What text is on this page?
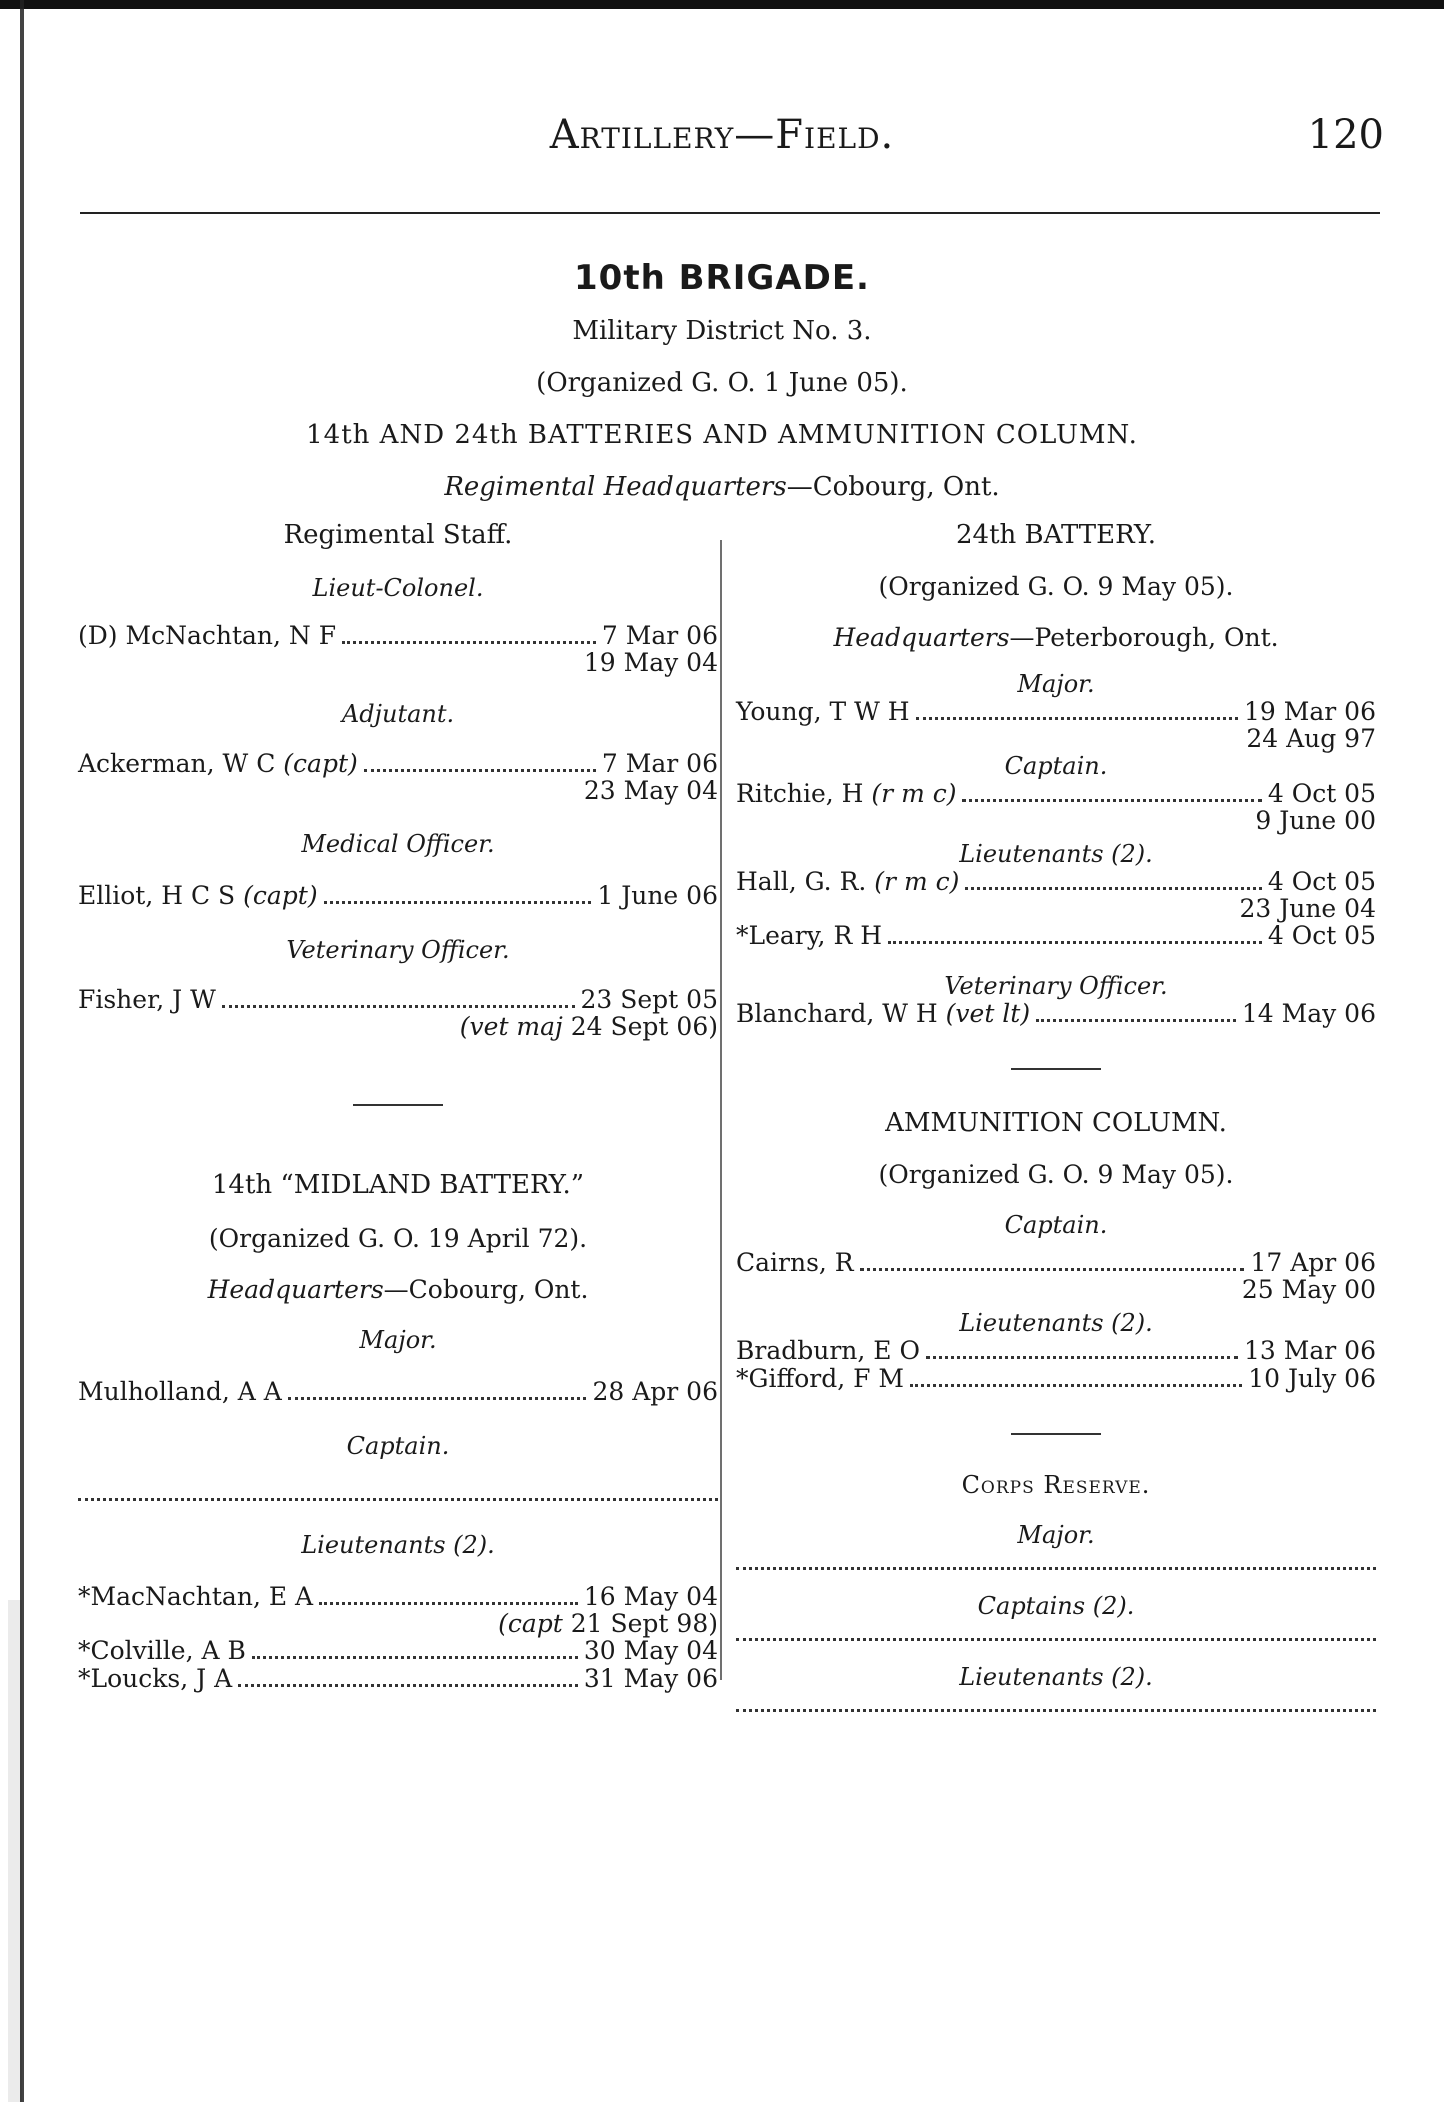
Artillery—Field.	120
10th BRIGADE.
Military District No. 3.
(Organized G. O. 1 June 05).
14th AND 24th BATTERIES AND AMMUNITION COLUMN.
Regimental Headquarters—Cobourg, Ont.

Regimental Staff.

Lieut-Colonel.

(D) McNachtan, N F	7 Mar 06
19 May 04

Adjutant.

Ackerman, W C (capt)	7 Mar 06
23 May 04

Medical Officer.

Elliot, H C S (capt)	1 June 06

Veterinary Officer.

Fisher, J W	23 Sept 05
(vet maj 24 Sept 06)

14th “MIDLAND BATTERY.”

(Organized G. O. 19 April 72).

Headquarters—Cobourg, Ont.

Major.

Mulholland, A A	28 Apr 06

Captain.

Lieutenants (2).

*MacNachtan, E A	16 May 04
(capt 21 Sept 98)
*Colville, A B	30 May 04
*Loucks, J A	31 May 06

24th BATTERY.

(Organized G. O. 9 May 05).

Headquarters—Peterborough, Ont.

Major.

Young, T W H	19 Mar 06
24 Aug 97

Captain.

Ritchie, H (r m c)	4 Oct 05
9 June 00

Lieutenants (2).

Hall, G. R. (r m c)	4 Oct 05
23 June 04
*Leary, R H	4 Oct 05

Veterinary Officer.

Blanchard, W H (vet lt)	14 May 06

AMMUNITION COLUMN.

(Organized G. O. 9 May 05).

Captain.

Cairns, R	17 Apr 06
25 May 00

Lieutenants (2).

Bradburn, E O	13 Mar 06
*Gifford, F M	10 July 06

Corps Reserve.

Major.

Captains (2).

Lieutenants (2).
